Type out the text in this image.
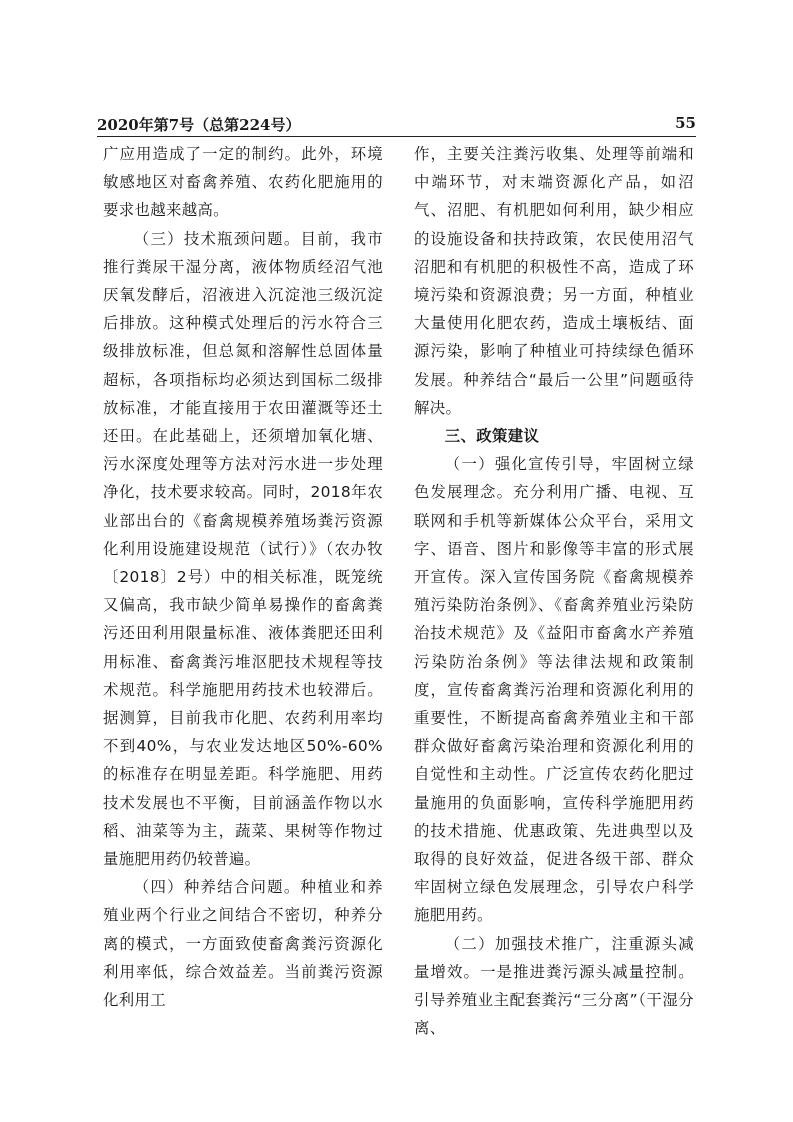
2020年第7号（总第224号）	55

广应用造成了一定的制约。此外，环境敏感地区对畜禽养殖、农药化肥施用的要求也越来越高。

（三）技术瓶颈问题。目前，我市推行粪尿干湿分离，液体物质经沼气池厌氧发酵后，沼液进入沉淀池三级沉淀后排放。这种模式处理后的污水符合三级排放标准，但总氮和溶解性总固体量超标，各项指标均必须达到国标二级排放标准，才能直接用于农田灌溉等还土还田。在此基础上，还须增加氧化塘、污水深度处理等方法对污水进一步处理净化，技术要求较高。同时，2018年农业部出台的《畜禽规模养殖场粪污资源化利用设施建设规范（试行）》（农办牧〔2018〕2号）中的相关标准，既笼统又偏高，我市缺少简单易操作的畜禽粪污还田利用限量标准、液体粪肥还田利用标准、畜禽粪污堆沤肥技术规程等技术规范。科学施肥用药技术也较滞后。据测算，目前我市化肥、农药利用率均不到40%，与农业发达地区50%-60%的标准存在明显差距。科学施肥、用药技术发展也不平衡，目前涵盖作物以水稻、油菜等为主，蔬菜、果树等作物过量施肥用药仍较普遍。

（四）种养结合问题。种植业和养殖业两个行业之间结合不密切，种养分离的模式，一方面致使畜禽粪污资源化利用率低，综合效益差。当前粪污资源化利用工

作，主要关注粪污收集、处理等前端和中端环节，对末端资源化产品，如沼气、沼肥、有机肥如何利用，缺少相应的设施设备和扶持政策，农民使用沼气沼肥和有机肥的积极性不高，造成了环境污染和资源浪费；另一方面，种植业大量使用化肥农药，造成土壤板结、面源污染，影响了种植业可持续绿色循环发展。种养结合“最后一公里”问题亟待解决。

三、政策建议

（一）强化宣传引导，牢固树立绿色发展理念。充分利用广播、电视、互联网和手机等新媒体公众平台，采用文字、语音、图片和影像等丰富的形式展开宣传。深入宣传国务院《畜禽规模养殖污染防治条例》、《畜禽养殖业污染防治技术规范》及《益阳市畜禽水产养殖污染防治条例》等法律法规和政策制度，宣传畜禽粪污治理和资源化利用的重要性，不断提高畜禽养殖业主和干部群众做好畜禽污染治理和资源化利用的自觉性和主动性。广泛宣传农药化肥过量施用的负面影响，宣传科学施肥用药的技术措施、优惠政策、先进典型以及取得的良好效益，促进各级干部、群众牢固树立绿色发展理念，引导农户科学施肥用药。

（二）加强技术推广，注重源头减量增效。一是推进粪污源头减量控制。引导养殖业主配套粪污“三分离”（干湿分离、
